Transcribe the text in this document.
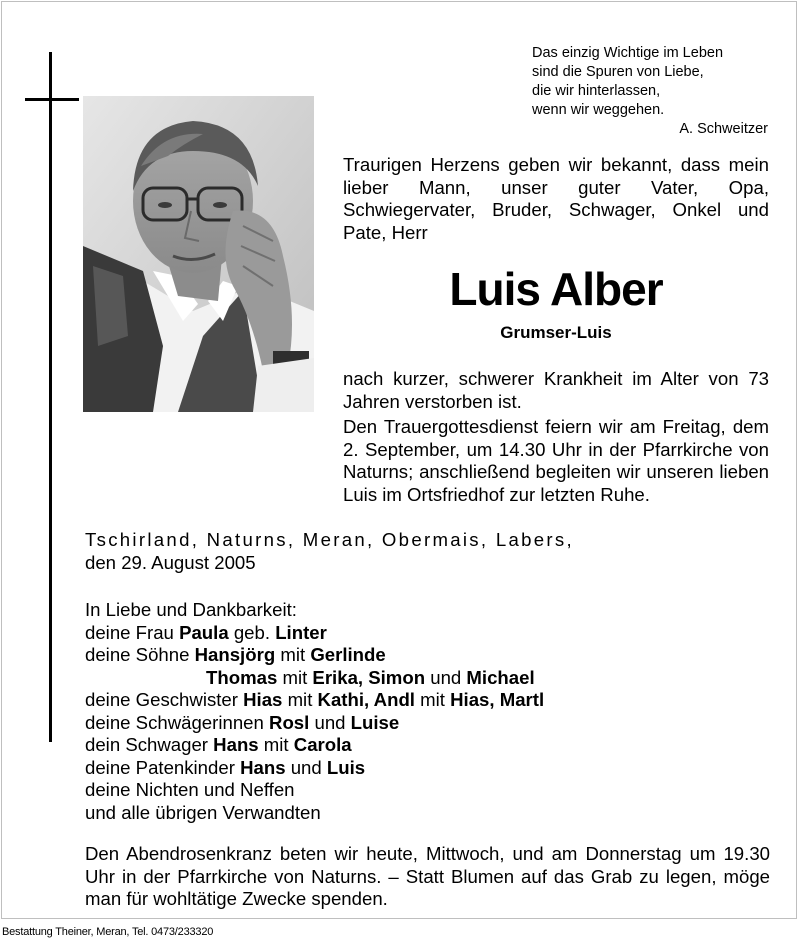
Das einzig Wichtige im Leben
sind die Spuren von Liebe,
die wir hinterlassen,
wenn wir weggehen.
A. Schweitzer
Traurigen Herzens geben wir bekannt, dass mein lieber Mann, unser guter Vater, Opa, Schwiegervater, Bruder, Schwager, Onkel und Pate, Herr
Luis Alber
Grumser-Luis

nach kurzer, schwerer Krankheit im Alter von 73 Jahren verstorben ist.

Den Trauergottesdienst feiern wir am Freitag, dem 2. September, um 14.30 Uhr in der Pfarrkirche von Naturns; anschließend begleiten wir unseren lieben Luis im Ortsfriedhof zur letzten Ruhe.

Tschirland, Naturns, Meran, Obermais, Labers,
den 29. August 2005
In Liebe und Dankbarkeit:
deine Frau Paula geb. Linter
deine Söhne Hansjörg mit Gerlinde
Thomas mit Erika, Simon und Michael
deine Geschwister Hias mit Kathi, Andl mit Hias, Martl
deine Schwägerinnen Rosl und Luise
dein Schwager Hans mit Carola
deine Patenkinder Hans und Luis
deine Nichten und Neffen
und alle übrigen Verwandten
Den Abendrosenkranz beten wir heute, Mittwoch, und am Donnerstag um 19.30 Uhr in der Pfarrkirche von Naturns. – Statt Blumen auf das Grab zu legen, möge man für wohltätige Zwecke spenden.
Bestattung Theiner, Meran, Tel. 0473/233320
